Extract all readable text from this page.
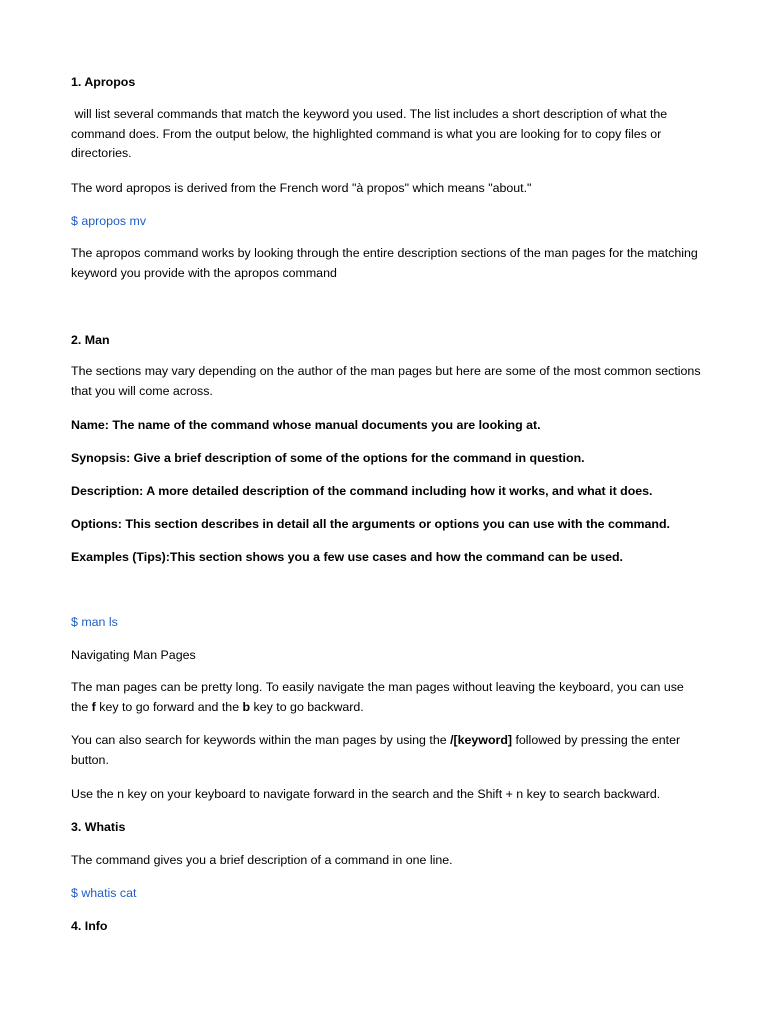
1. Apropos

will list several commands that match the keyword you used. The list includes a short description of what the command does. From the output below, the highlighted command is what you are looking for to copy files or directories.

The word apropos is derived from the French word "à propos" which means "about."

$ apropos mv

The apropos command works by looking through the entire description sections of the man pages for the matching keyword you provide with the apropos command

2. Man

The sections may vary depending on the author of the man pages but here are some of the most common sections that you will come across.

Name: The name of the command whose manual documents you are looking at.

Synopsis: Give a brief description of some of the options for the command in question.

Description: A more detailed description of the command including how it works, and what it does.

Options: This section describes in detail all the arguments or options you can use with the command.

Examples (Tips):This section shows you a few use cases and how the command can be used.

$ man ls

Navigating Man Pages

The man pages can be pretty long. To easily navigate the man pages without leaving the keyboard, you can use the f key to go forward and the b key to go backward.

You can also search for keywords within the man pages by using the /[keyword] followed by pressing the enter button.

Use the n key on your keyboard to navigate forward in the search and the Shift + n key to search backward.

3. Whatis

The command gives you a brief description of a command in one line.

$ whatis cat

4. Info
